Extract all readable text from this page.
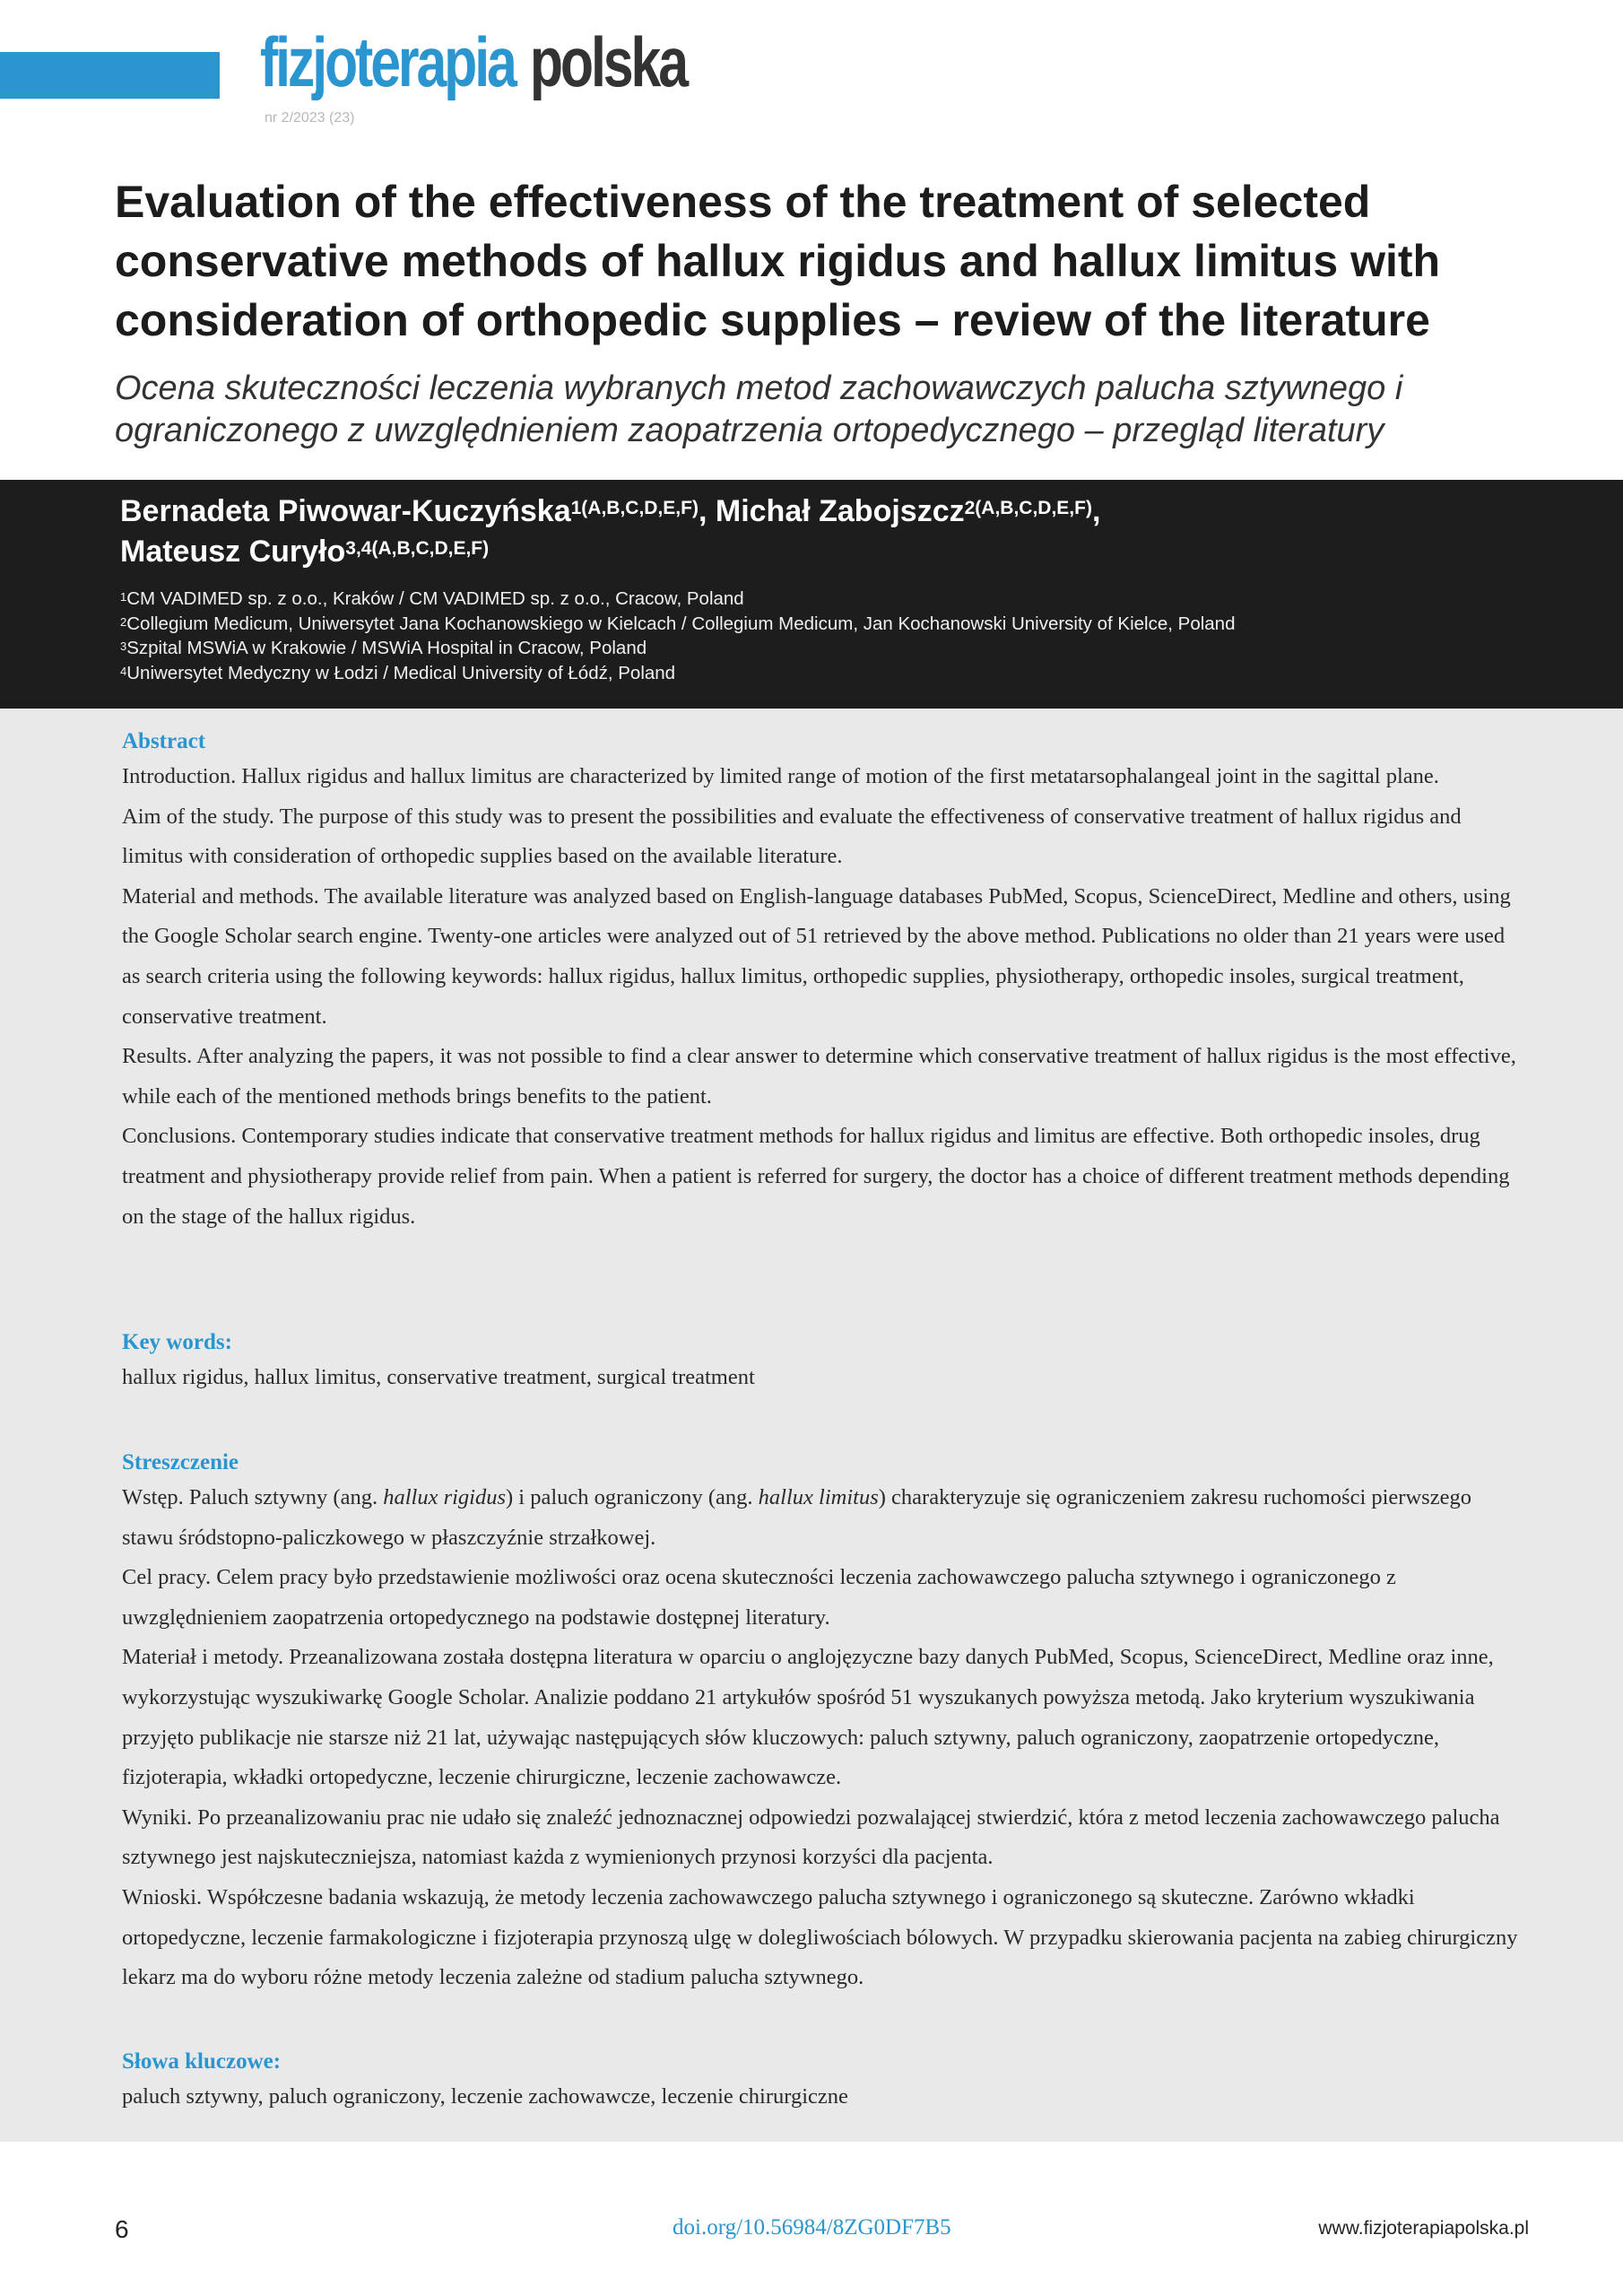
fizjoterapia polska
nr 2/2023 (23)
Evaluation of the effectiveness of the treatment of selected conservative methods of hallux rigidus and hallux limitus with consideration of orthopedic supplies – review of the literature

Ocena skuteczności leczenia wybranych metod zachowawczych palucha sztywnego i ograniczonego z uwzględnieniem zaopatrzenia ortopedycznego – przegląd literatury

Bernadeta Piwowar-Kuczyńska$^{1(A,B,C,D,E,F)}$, Michał Zabojszcz$^{2(A,B,C,D,E,F)}$,
Mateusz Curyło$^{3,4(A,B,C,D,E,F)}$
$^1$CM VADIMED sp. z o.o., Kraków / CM VADIMED sp. z o.o., Cracow, Poland
$^2$Collegium Medicum, Uniwersytet Jana Kochanowskiego w Kielcach / Collegium Medicum, Jan Kochanowski University of Kielce, Poland
$^3$Szpital MSWiA w Krakowie / MSWiA Hospital in Cracow, Poland
$^4$Uniwersytet Medyczny w Łodzi / Medical University of Łódź, Poland
Abstract

Introduction. Hallux rigidus and hallux limitus are characterized by limited range of motion of the first metatarsophalangeal joint in the sagittal plane.

Aim of the study. The purpose of this study was to present the possibilities and evaluate the effectiveness of conservative treatment of hallux rigidus and limitus with consideration of orthopedic supplies based on the available literature.

Material and methods. The available literature was analyzed based on English-language databases PubMed, Scopus, ScienceDirect, Medline and others, using the Google Scholar search engine. Twenty-one articles were analyzed out of 51 retrieved by the above method. Publications no older than 21 years were used as search criteria using the following keywords: hallux rigidus, hallux limitus, orthopedic supplies, physiotherapy, orthopedic insoles, surgical treatment, conservative treatment.

Results. After analyzing the papers, it was not possible to find a clear answer to determine which conservative treatment of hallux rigidus is the most effective, while each of the mentioned methods brings benefits to the patient.

Conclusions. Contemporary studies indicate that conservative treatment methods for hallux rigidus and limitus are effective. Both orthopedic insoles, drug treatment and physiotherapy provide relief from pain. When a patient is referred for surgery, the doctor has a choice of different treatment methods depending on the stage of the hallux rigidus.

Key words:
hallux rigidus, hallux limitus, conservative treatment, surgical treatment
Streszczenie

Wstęp. Paluch sztywny (ang. hallux rigidus) i paluch ograniczony (ang. hallux limitus) charakteryzuje się ograniczeniem zakresu ruchomości pierwszego stawu śródstopno-paliczkowego w płaszczyźnie strzałkowej.

Cel pracy. Celem pracy było przedstawienie możliwości oraz ocena skuteczności leczenia zachowawczego palucha sztywnego i ograniczonego z uwzględnieniem zaopatrzenia ortopedycznego na podstawie dostępnej literatury.

Materiał i metody. Przeanalizowana została dostępna literatura w oparciu o anglojęzyczne bazy danych PubMed, Scopus, ScienceDirect, Medline oraz inne, wykorzystując wyszukiwarkę Google Scholar. Analizie poddano 21 artykułów spośród 51 wyszukanych powyższa metodą. Jako kryterium wyszukiwania przyjęto publikacje nie starsze niż 21 lat, używając następujących słów kluczowych: paluch sztywny, paluch ograniczony, zaopatrzenie ortopedyczne, fizjoterapia, wkładki ortopedyczne, leczenie chirurgiczne, leczenie zachowawcze.

Wyniki. Po przeanalizowaniu prac nie udało się znaleźć jednoznacznej odpowiedzi pozwalającej stwierdzić, która z metod leczenia zachowawczego palucha sztywnego jest najskuteczniejsza, natomiast każda z wymienionych przynosi korzyści dla pacjenta.

Wnioski. Współczesne badania wskazują, że metody leczenia zachowawczego palucha sztywnego i ograniczonego są skuteczne. Zarówno wkładki ortopedyczne, leczenie farmakologiczne i fizjoterapia przynoszą ulgę w dolegliwościach bólowych. W przypadku skierowania pacjenta na zabieg chirurgiczny lekarz ma do wyboru różne metody leczenia zależne od stadium palucha sztywnego.

Słowa kluczowe:
paluch sztywny, paluch ograniczony, leczenie zachowawcze, leczenie chirurgiczne
6	doi.org/10.56984/8ZG0DF7B5	www.fizjoterapiapolska.pl
